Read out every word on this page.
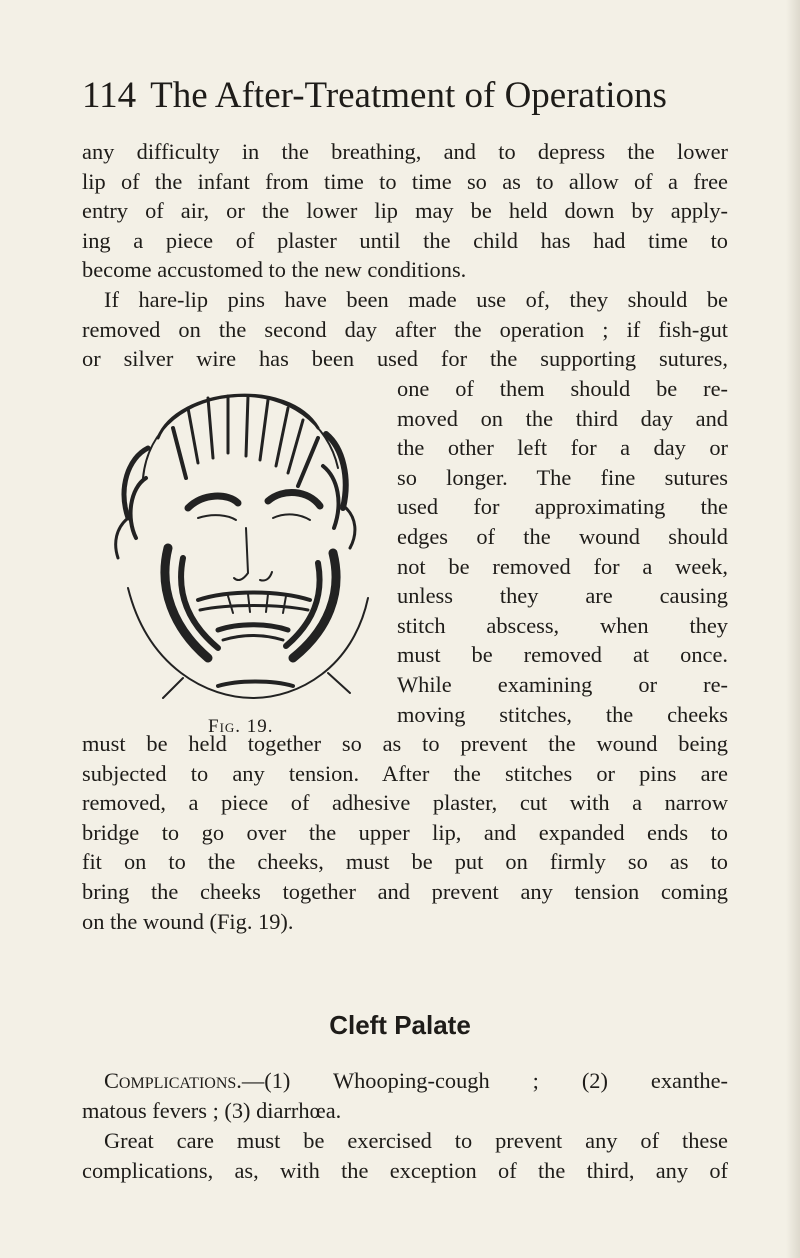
114 The After-Treatment of Operations
any difficulty in the breathing, and to depress the lower
lip of the infant from time to time so as to allow of a free
entry of air, or the lower lip may be held down by apply-
ing a piece of plaster until the child has had time to
become accustomed to the new conditions.
If hare-lip pins have been made use of, they should be
removed on the second day after the operation ; if fish-gut
or silver wire has been used for the supporting sutures,
Fig. 19.
one of them should be re-
moved on the third day and
the other left for a day or
so longer. The fine sutures
used for approximating the
edges of the wound should
not be removed for a week,
unless they are causing
stitch abscess, when they
must be removed at once.
While examining or re-
moving stitches, the cheeks
must be held together so as to prevent the wound being
subjected to any tension. After the stitches or pins are
removed, a piece of adhesive plaster, cut with a narrow
bridge to go over the upper lip, and expanded ends to
fit on to the cheeks, must be put on firmly so as to
bring the cheeks together and prevent any tension coming
on the wound (Fig. 19).
Cleft Palate
Complications.—(1) Whooping-cough ; (2) exanthe-
matous fevers ; (3) diarrhœa.
Great care must be exercised to prevent any of these
complications, as, with the exception of the third, any of
